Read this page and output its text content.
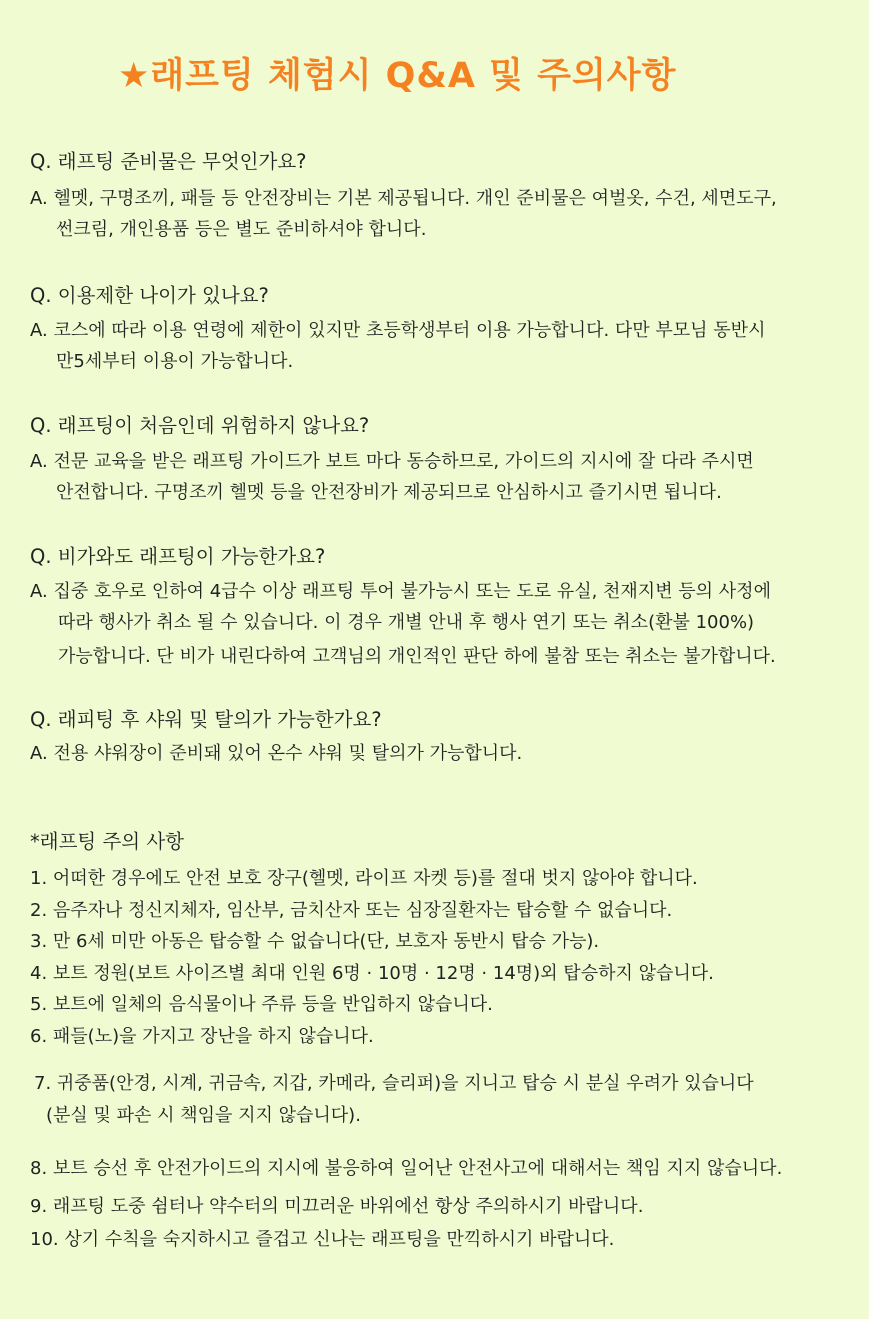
★래프팅 체험시 Q&A 및 주의사항
Q. 래프팅 준비물은 무엇인가요?
A. 헬멧, 구명조끼, 패들 등 안전장비는 기본 제공됩니다. 개인 준비물은 여벌옷, 수건, 세면도구,
썬크림, 개인용품 등은 별도 준비하셔야 합니다.
Q. 이용제한 나이가 있나요?
A. 코스에 따라 이용 연령에 제한이 있지만 초등학생부터 이용 가능합니다. 다만 부모님 동반시
만5세부터 이용이 가능합니다.
Q. 래프팅이 처음인데 위험하지 않나요?
A. 전문 교육을 받은 래프팅 가이드가 보트 마다 동승하므로, 가이드의 지시에 잘 다라 주시면
안전합니다. 구명조끼 헬멧 등을 안전장비가 제공되므로 안심하시고 즐기시면 됩니다.
Q. 비가와도 래프팅이 가능한가요?
A. 집중 호우로 인하여 4급수 이상 래프팅 투어 불가능시 또는 도로 유실, 천재지변 등의 사정에
따라 행사가 취소 될 수 있습니다. 이 경우 개별 안내 후 행사 연기 또는 취소(환불 100%)
가능합니다. 단 비가 내린다하여 고객님의 개인적인 판단 하에 불참 또는 취소는 불가합니다.
Q. 래피팅 후 샤워 및 탈의가 가능한가요?
A. 전용 샤워장이 준비돼 있어 온수 샤워 및 탈의가 가능합니다.
*래프팅 주의 사항
1. 어떠한 경우에도 안전 보호 장구(헬멧, 라이프 자켓 등)를 절대 벗지 않아야 합니다.
2. 음주자나 정신지체자, 임산부, 금치산자 또는 심장질환자는 탑승할 수 없습니다.
3. 만 6세 미만 아동은 탑승할 수 없습니다(단, 보호자 동반시 탑승 가능).
4. 보트 정원(보트 사이즈별 최대 인원 6명 · 10명 · 12명 · 14명)외 탑승하지 않습니다.
5. 보트에 일체의 음식물이나 주류 등을 반입하지 않습니다.
6. 패들(노)을 가지고 장난을 하지 않습니다.
7. 귀중품(안경, 시계, 귀금속, 지갑, 카메라, 슬리퍼)을 지니고 탑승 시 분실 우려가 있습니다
(분실 및 파손 시 책임을 지지 않습니다).
8. 보트 승선 후 안전가이드의 지시에 불응하여 일어난 안전사고에 대해서는 책임 지지 않습니다.
9. 래프팅 도중 쉼터나 약수터의 미끄러운 바위에선 항상 주의하시기 바랍니다.
10. 상기 수칙을 숙지하시고 즐겁고 신나는 래프팅을 만끽하시기 바랍니다.
